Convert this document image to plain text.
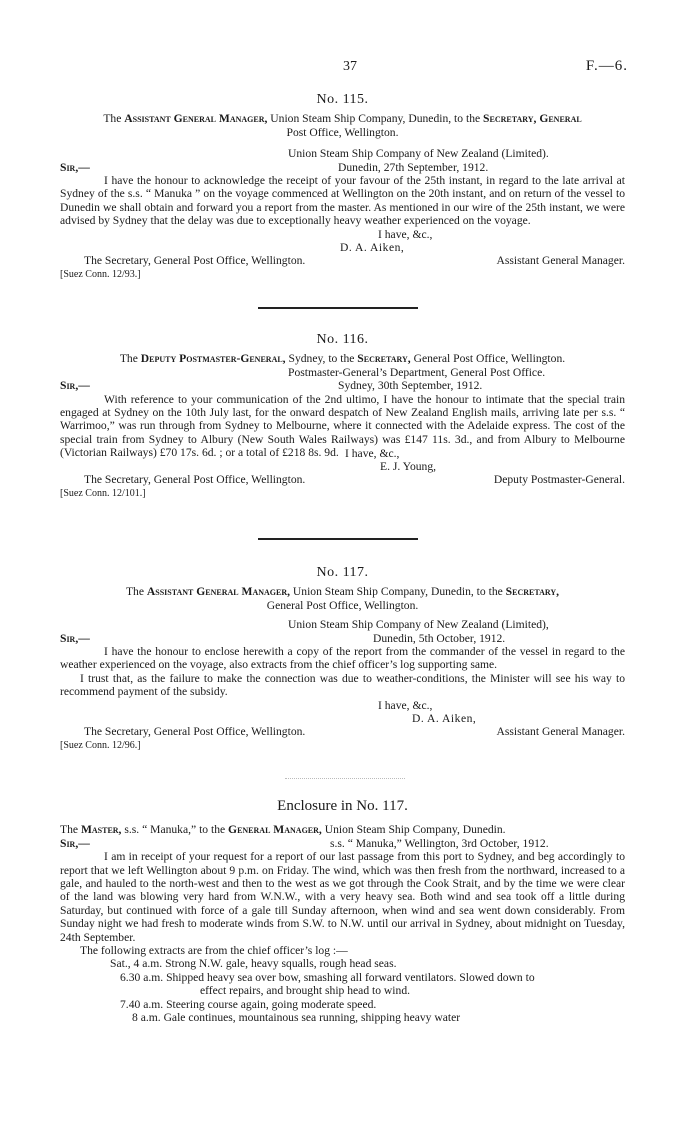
37	F.—6.
No. 115.
The Assistant General Manager, Union Steam Ship Company, Dunedin, to the Secretary, General
Post Office, Wellington.
Union Steam Ship Company of New Zealand (Limited).
Sir,—	Dunedin, 27th September, 1912.
I have the honour to acknowledge the receipt of your favour of the 25th instant, in regard to the late arrival at Sydney of the s.s. “ Manuka ” on the voyage commenced at Wellington on the 20th instant, and on return of the vessel to Dunedin we shall obtain and forward you a report from the master. As mentioned in our wire of the 25th instant, we were advised by Sydney that the delay was due to exceptionally heavy weather experienced on the voyage.
I have, &c.,
D. A. Aiken,
The Secretary, General Post Office, Wellington.	Assistant General Manager.
[Suez Conn. 12/93.]
No. 116.
The Deputy Postmaster-General, Sydney, to the Secretary, General Post Office, Wellington.
Postmaster-General’s Department, General Post Office.
Sir,—	Sydney, 30th September, 1912.
With reference to your communication of the 2nd ultimo, I have the honour to intimate that the special train engaged at Sydney on the 10th July last, for the onward despatch of New Zealand English mails, arriving late per s.s. “ Warrimoo,” was run through from Sydney to Melbourne, where it connected with the Adelaide express. The cost of the special train from Sydney to Albury (New South Wales Railways) was £147 11s. 3d., and from Albury to Melbourne (Victorian Railways) £70 17s. 6d. ; or a total of £218 8s. 9d. I have, &c.,
E. J. Young,
The Secretary, General Post Office, Wellington.	Deputy Postmaster-General.
[Suez Conn. 12/101.]
No. 117.
The Assistant General Manager, Union Steam Ship Company, Dunedin, to the Secretary,
General Post Office, Wellington.
Union Steam Ship Company of New Zealand (Limited),
Sir,—	Dunedin, 5th October, 1912.
I have the honour to enclose herewith a copy of the report from the commander of the vessel in regard to the weather experienced on the voyage, also extracts from the chief officer’s log supporting same.
I trust that, as the failure to make the connection was due to weather-conditions, the Minister will see his way to recommend payment of the subsidy.
I have, &c.,
D. A. Aiken,
The Secretary, General Post Office, Wellington.	Assistant General Manager.
[Suez Conn. 12/96.]
Enclosure in No. 117.
The Master, s.s. “ Manuka,” to the General Manager, Union Steam Ship Company, Dunedin.
Sir,—	s.s. “ Manuka,” Wellington, 3rd October, 1912.
I am in receipt of your request for a report of our last passage from this port to Sydney, and beg accordingly to report that we left Wellington about 9 p.m. on Friday. The wind, which was then fresh from the northward, increased to a gale, and hauled to the north-west and then to the west as we got through the Cook Strait, and by the time we were clear of the land was blowing very hard from W.N.W., with a very heavy sea. Both wind and sea took off a little during Saturday, but continued with force of a gale till Sunday afternoon, when wind and sea went down considerably. From Sunday night we had fresh to moderate winds from S.W. to N.W. until our arrival in Sydney, about midnight on Tuesday, 24th September.
The following extracts are from the chief officer’s log :—
Sat., 4 a.m. Strong N.W. gale, heavy squalls, rough head seas.
6.30 a.m. Shipped heavy sea over bow, smashing all forward ventilators. Slowed down to
effect repairs, and brought ship head to wind.
7.40 a.m. Steering course again, going moderate speed.
8 a.m. Gale continues, mountainous sea running, shipping heavy water
